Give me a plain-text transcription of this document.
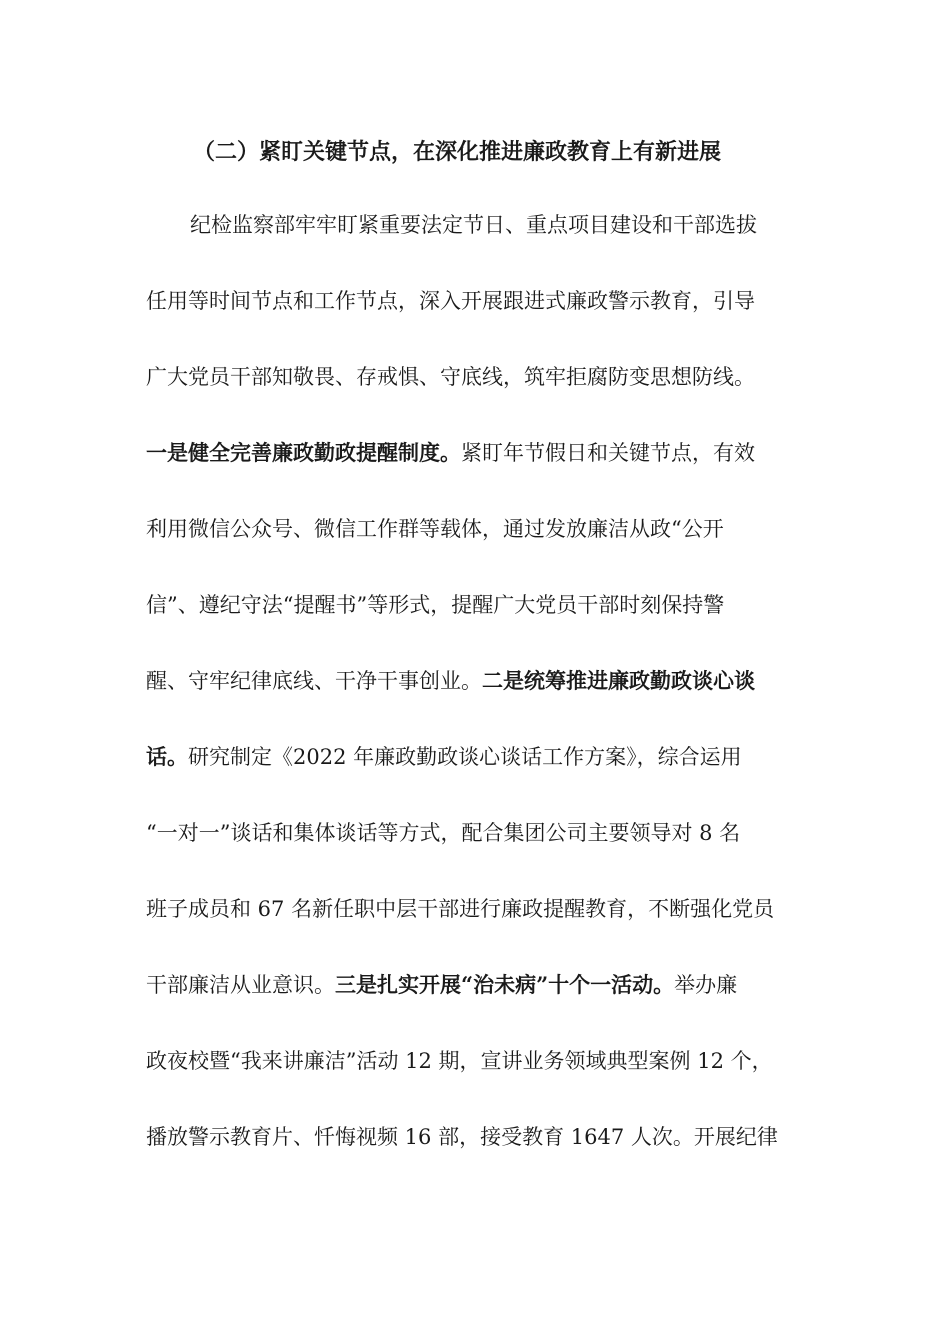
（二）紧盯关键节点，在深化推进廉政教育上有新进展
纪检监察部牢牢盯紧重要法定节日、重点项目建设和干部选拔
任用等时间节点和工作节点，深入开展跟进式廉政警示教育，引导
广大党员干部知敬畏、存戒惧、守底线，筑牢拒腐防变思想防线。
一是健全完善廉政勤政提醒制度。紧盯年节假日和关键节点，有效
利用微信公众号、微信工作群等载体，通过发放廉洁从政“公开
信”、遵纪守法“提醒书”等形式，提醒广大党员干部时刻保持警
醒、守牢纪律底线、干净干事创业。二是统筹推进廉政勤政谈心谈
话。研究制定《2022 年廉政勤政谈心谈话工作方案》，综合运用
“一对一”谈话和集体谈话等方式，配合集团公司主要领导对 8 名
班子成员和 67 名新任职中层干部进行廉政提醒教育，不断强化党员
干部廉洁从业意识。三是扎实开展“治未病”十个一活动。举办廉
政夜校暨“我来讲廉洁”活动 12 期，宣讲业务领域典型案例 12 个，
播放警示教育片、忏悔视频 16 部，接受教育 1647 人次。开展纪律
